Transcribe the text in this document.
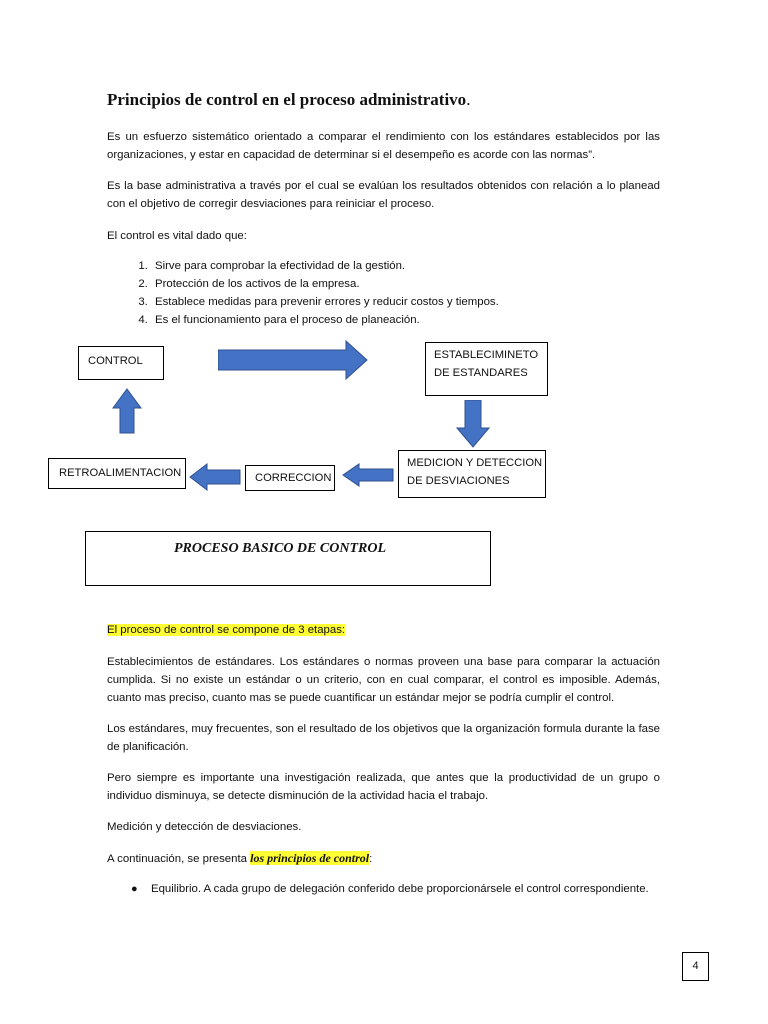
Principios de control en el proceso administrativo.

Es un esfuerzo sistemático orientado a comparar el rendimiento con los estándares establecidos por las organizaciones, y estar en capacidad de determinar si el desempeño es acorde con las normas”.

Es la base administrativa a través por el cual se evalúan los resultados obtenidos con relación a lo planead con el objetivo de corregir desviaciones para reiniciar el proceso.

El control es vital dado que:

1. Sirve para comprobar la efectividad de la gestión.
2. Protección de los activos de la empresa.
3. Establece medidas para prevenir errores y reducir costos y tiempos.
4. Es el funcionamiento para el proceso de planeación.
CONTROL	ESTABLECIMINETO
DE ESTANDARES
MEDICION Y DETECCION
DE DESVIACIONES
CORRECCION
RETROALIMENTACION
PROCESO BASICO DE CONTROL

El proceso de control se compone de 3 etapas:

Establecimientos de estándares. Los estándares o normas proveen una base para comparar la actuación cumplida. Si no existe un estándar o un criterio, con en cual comparar, el control es imposible. Además, cuanto mas preciso, cuanto mas se puede cuantificar un estándar mejor se podría cumplir el control.

Los estándares, muy frecuentes, son el resultado de los objetivos que la organización formula durante la fase de planificación.

Pero siempre es importante una investigación realizada, que antes que la productividad de un grupo o individuo disminuya, se detecte disminución de la actividad hacia el trabajo.

Medición y detección de desviaciones.

A continuación, se presenta los principios de control:

● Equilibrio. A cada grupo de delegación conferido debe proporcionársele el control correspondiente.
4
